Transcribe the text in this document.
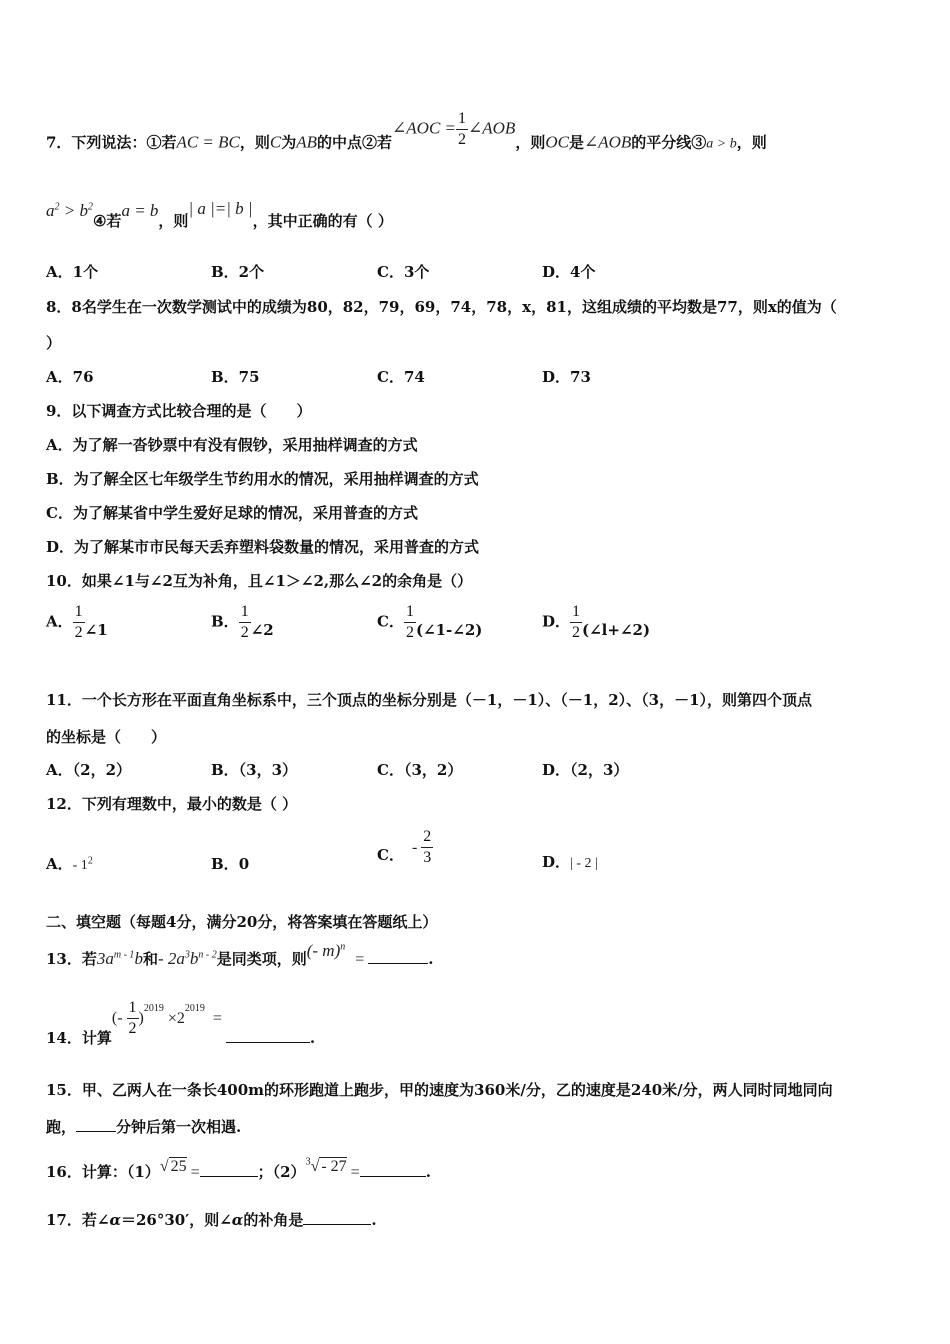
7．下列说法：①若AC = BC，则C为AB的中点②若∠AOC = $\frac{1}{2}$ ∠AOB，则OC是∠AOB的平分线③a > b，则
$a^2$ > $b^2④$若a = b，则| a |=| b |，其中正确的有（ ）
A．1个	B．2个	C．3个	D．4个
8．8名学生在一次数学测试中的成绩为80，82，79，69，74，78，x，81，这组成绩的平均数是77，则x的值为（
）
A．76	B．75	C．74	D．73
9．以下调查方式比较合理的是（　　）
A．为了解一沓钞票中有没有假钞，采用抽样调查的方式
B．为了解全区七年级学生节约用水的情况，采用抽样调查的方式
C．为了解某省中学生爱好足球的情况，采用普查的方式
D．为了解某市市民每天丢弃塑料袋数量的情况，采用普查的方式
10．如果∠1与∠2互为补角，且∠1＞∠2,那么∠2的余角是（）
A． $\frac{1}{2}$ ∠1	B． $\frac{1}{2}$ ∠2	C． $\frac{1}{2}$ (∠1-∠2)	D． $\frac{1}{2}$ (∠l+∠2)
11．一个长方形在平面直角坐标系中，三个顶点的坐标分别是（－1，－1）、（－1，2）、（3，－1），则第四个顶点
的坐标是（　　）
A．（2，2）	B．（3，3）	C．（3，2）	D．（2，3）
12．下列有理数中，最小的数是（ ）
A．- $1^2$	B．0
C． - $\frac{2}{3}$	D．| - 2 |
二、填空题（每题4分，满分20分，将答案填在答题纸上）
13．若$3a^{m - 1}b$和- $2a^3b^{n - 2}$是同类项，则(- m)$^n$=	.
14．计算(- $\frac{1}{2} )^{2019}\times 2^{2019}=$.
15．甲、乙两人在一条长400m的环形跑道上跑步，甲的速度为360米/分，乙的速度是240米/分，两人同时同地同向
跑，	分钟后第一次相遇.
16．计算：（1）√ 25 =	；$(2)^3√ - 27$ =	.
17．若∠α＝26°30′，则∠α的补角是	.
